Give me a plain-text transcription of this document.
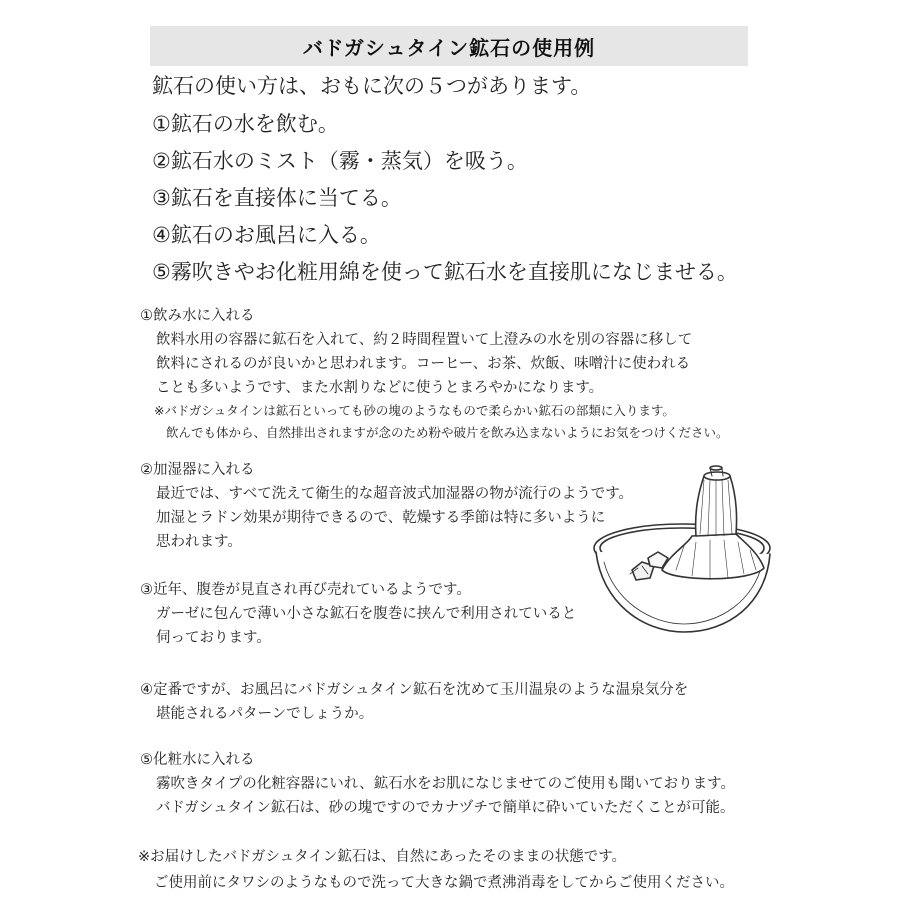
バドガシュタイン鉱石の使用例
鉱石の使い方は、おもに次の５つがあります。
①鉱石の水を飲む。
②鉱石水のミスト（霧・蒸気）を吸う。
③鉱石を直接体に当てる。
④鉱石のお風呂に入る。
⑤霧吹きやお化粧用綿を使って鉱石水を直接肌になじませる。
①飲み水に入れる
飲料水用の容器に鉱石を入れて、約２時間程置いて上澄みの水を別の容器に移して
飲料にされるのが良いかと思われます。コーヒー、お茶、炊飯、味噌汁に使われる
ことも多いようです、また水割りなどに使うとまろやかになります。
※バドガシュタインは鉱石といっても砂の塊のようなもので柔らかい鉱石の部類に入ります。
飲んでも体から、自然排出されますが念のため粉や破片を飲み込まないようにお気をつけください。
②加湿器に入れる
最近では、すべて洗えて衛生的な超音波式加湿器の物が流行のようです。
加湿とラドン効果が期待できるので、乾燥する季節は特に多いように
思われます。
③近年、腹巻が見直され再び売れているようです。
ガーゼに包んで薄い小さな鉱石を腹巻に挟んで利用されていると
伺っております。
④定番ですが、お風呂にバドガシュタイン鉱石を沈めて玉川温泉のような温泉気分を
堪能されるパターンでしょうか。
⑤化粧水に入れる
霧吹きタイプの化粧容器にいれ、鉱石水をお肌になじませてのご使用も聞いております。
バドガシュタイン鉱石は、砂の塊ですのでカナヅチで簡単に砕いていただくことが可能。
※お届けしたバドガシュタイン鉱石は、自然にあったそのままの状態です。
ご使用前にタワシのようなもので洗って大きな鍋で煮沸消毒をしてからご使用ください。
